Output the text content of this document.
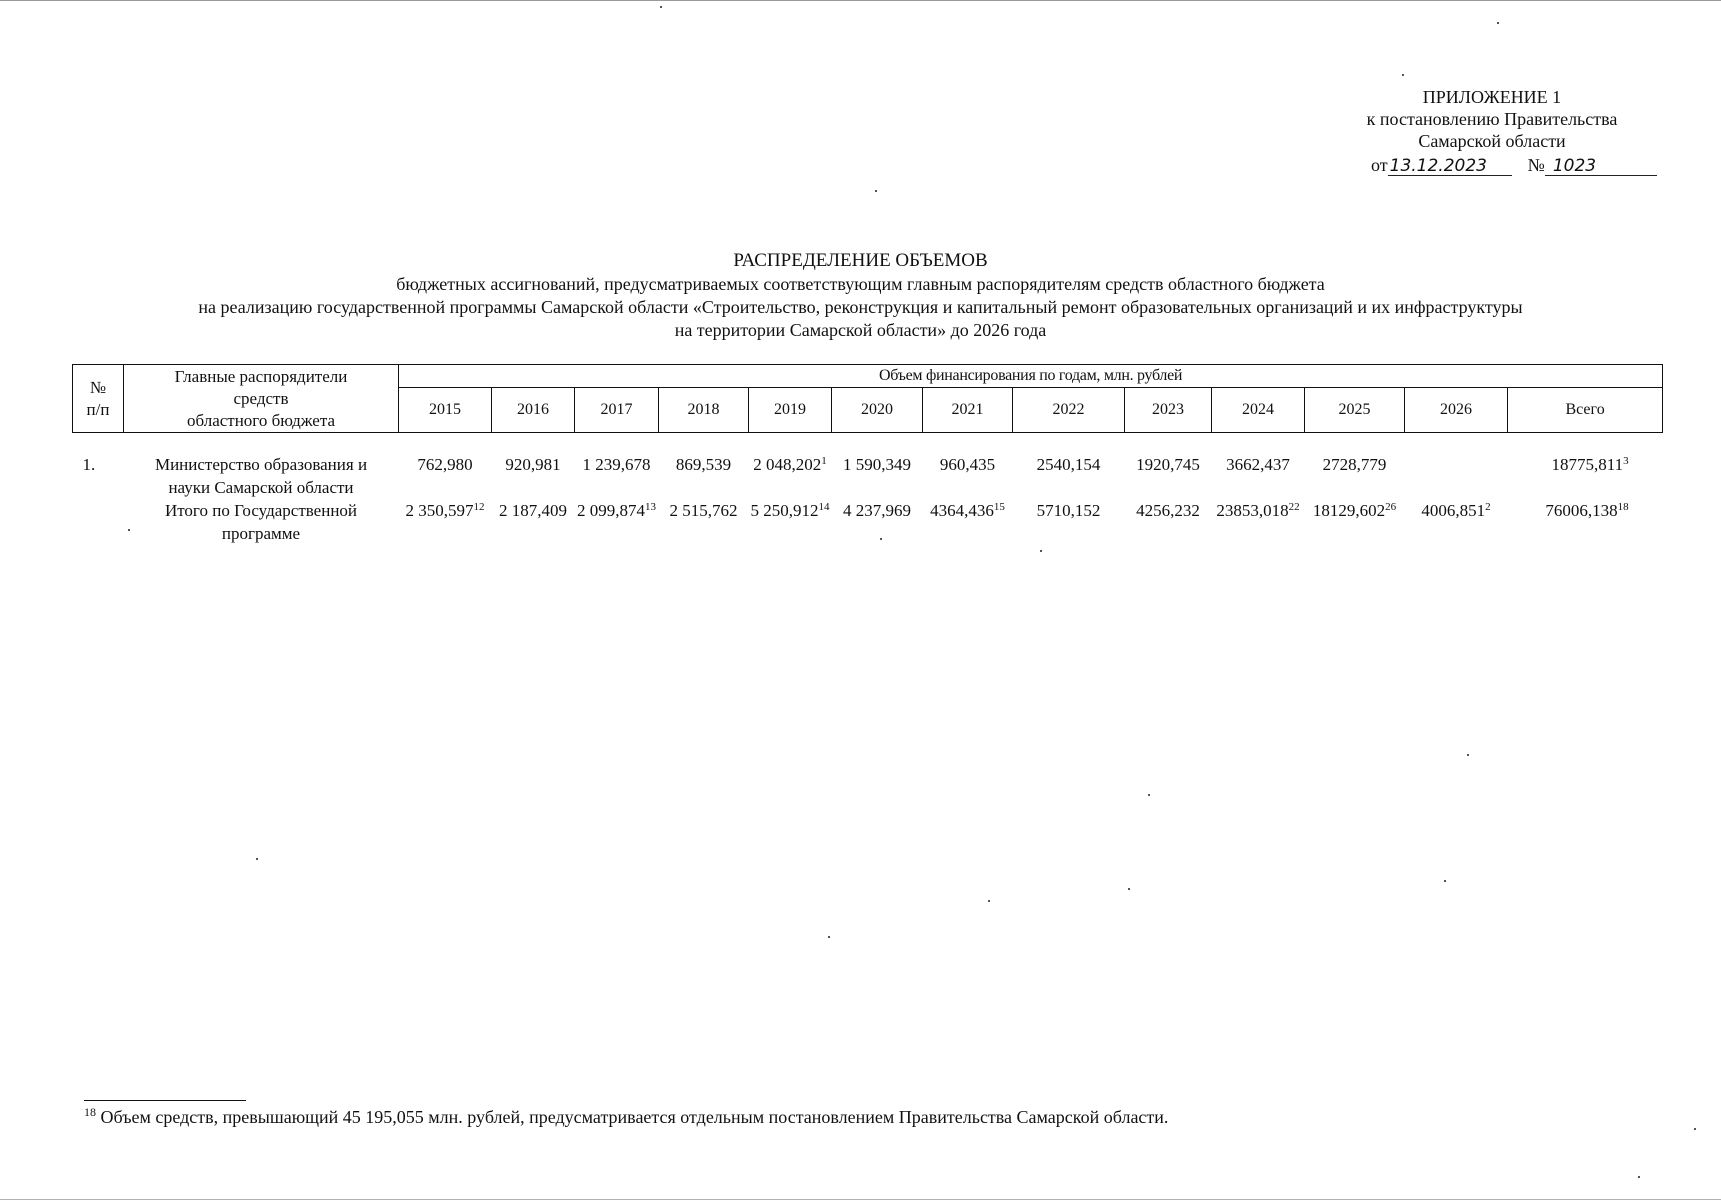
ПРИЛОЖЕНИЕ 1
к постановлению Правительства
Самарской области
от 13.12.2023 № 1023
РАСПРЕДЕЛЕНИЕ ОБЪЕМОВ
бюджетных ассигнований, предусматриваемых соответствующим главным распорядителям средств областного бюджета
на реализацию государственной программы Самарской области «Строительство, реконструкция и капитальный ремонт образовательных организаций и их инфраструктуры
на территории Самарской области» до 2026 года
№
п/п	Главные распорядители
средств
областного бюджета	Объем финансирования по годам, млн. рублей												
		2015	2016	2017	2018	2019	2020	2021	2022	2023	2024	2025	2026	Всего

1.	Министерство образования и
науки Самарской области	762,980	920,981	1 239,678	869,539	2 048,202$^1$	1 590,349	960,435	2540,154	1920,745	3662,437	2728,779		18775,811$^3$
	Итого по Государственной
программе	2 350,597$^{12}$	2 187,409	2 099,874$^{13}$	2 515,762	5 250,912$^{14}$	4 237,969	4364,436$^{15}$	5710,152	4256,232	23853,018$^{22}$	18129,602$^{26}$	4006,851$^2$	76006,138$^{18}$
$^{18}$ Объем средств, превышающий 45 195,055 млн. рублей, предусматривается отдельным постановлением Правительства Самарской области.
